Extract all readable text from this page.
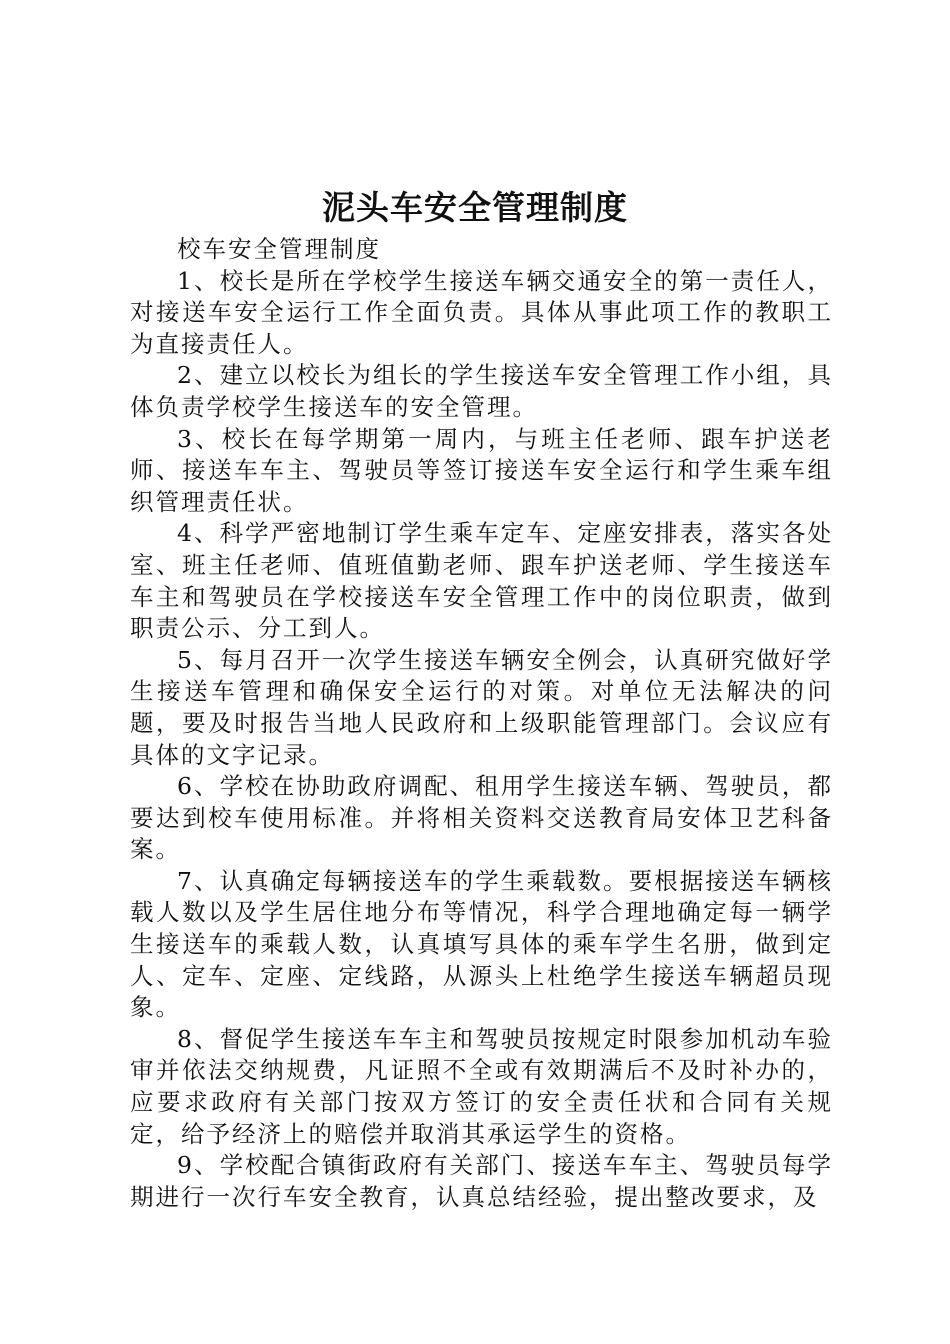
泥头车安全管理制度

校车安全管理制度

1、校长是所在学校学生接送车辆交通安全的第一责任人，对接送车安全运行工作全面负责。具体从事此项工作的教职工为直接责任人。

2、建立以校长为组长的学生接送车安全管理工作小组，具体负责学校学生接送车的安全管理。

3、校长在每学期第一周内，与班主任老师、跟车护送老师、接送车车主、驾驶员等签订接送车安全运行和学生乘车组织管理责任状。

4、科学严密地制订学生乘车定车、定座安排表，落实各处室、班主任老师、值班值勤老师、跟车护送老师、学生接送车车主和驾驶员在学校接送车安全管理工作中的岗位职责，做到职责公示、分工到人。

5、每月召开一次学生接送车辆安全例会，认真研究做好学生接送车管理和确保安全运行的对策。对单位无法解决的问题，要及时报告当地人民政府和上级职能管理部门。会议应有具体的文字记录。

6、学校在协助政府调配、租用学生接送车辆、驾驶员，都要达到校车使用标准。并将相关资料交送教育局安体卫艺科备案。

7、认真确定每辆接送车的学生乘载数。要根据接送车辆核载人数以及学生居住地分布等情况，科学合理地确定每一辆学生接送车的乘载人数，认真填写具体的乘车学生名册，做到定人、定车、定座、定线路，从源头上杜绝学生接送车辆超员现象。

8、督促学生接送车车主和驾驶员按规定时限参加机动车验审并依法交纳规费，凡证照不全或有效期满后不及时补办的，应要求政府有关部门按双方签订的安全责任状和合同有关规定，给予经济上的赔偿并取消其承运学生的资格。

9、学校配合镇街政府有关部门、接送车车主、驾驶员每学期进行一次行车安全教育，认真总结经验，提出整改要求，及
